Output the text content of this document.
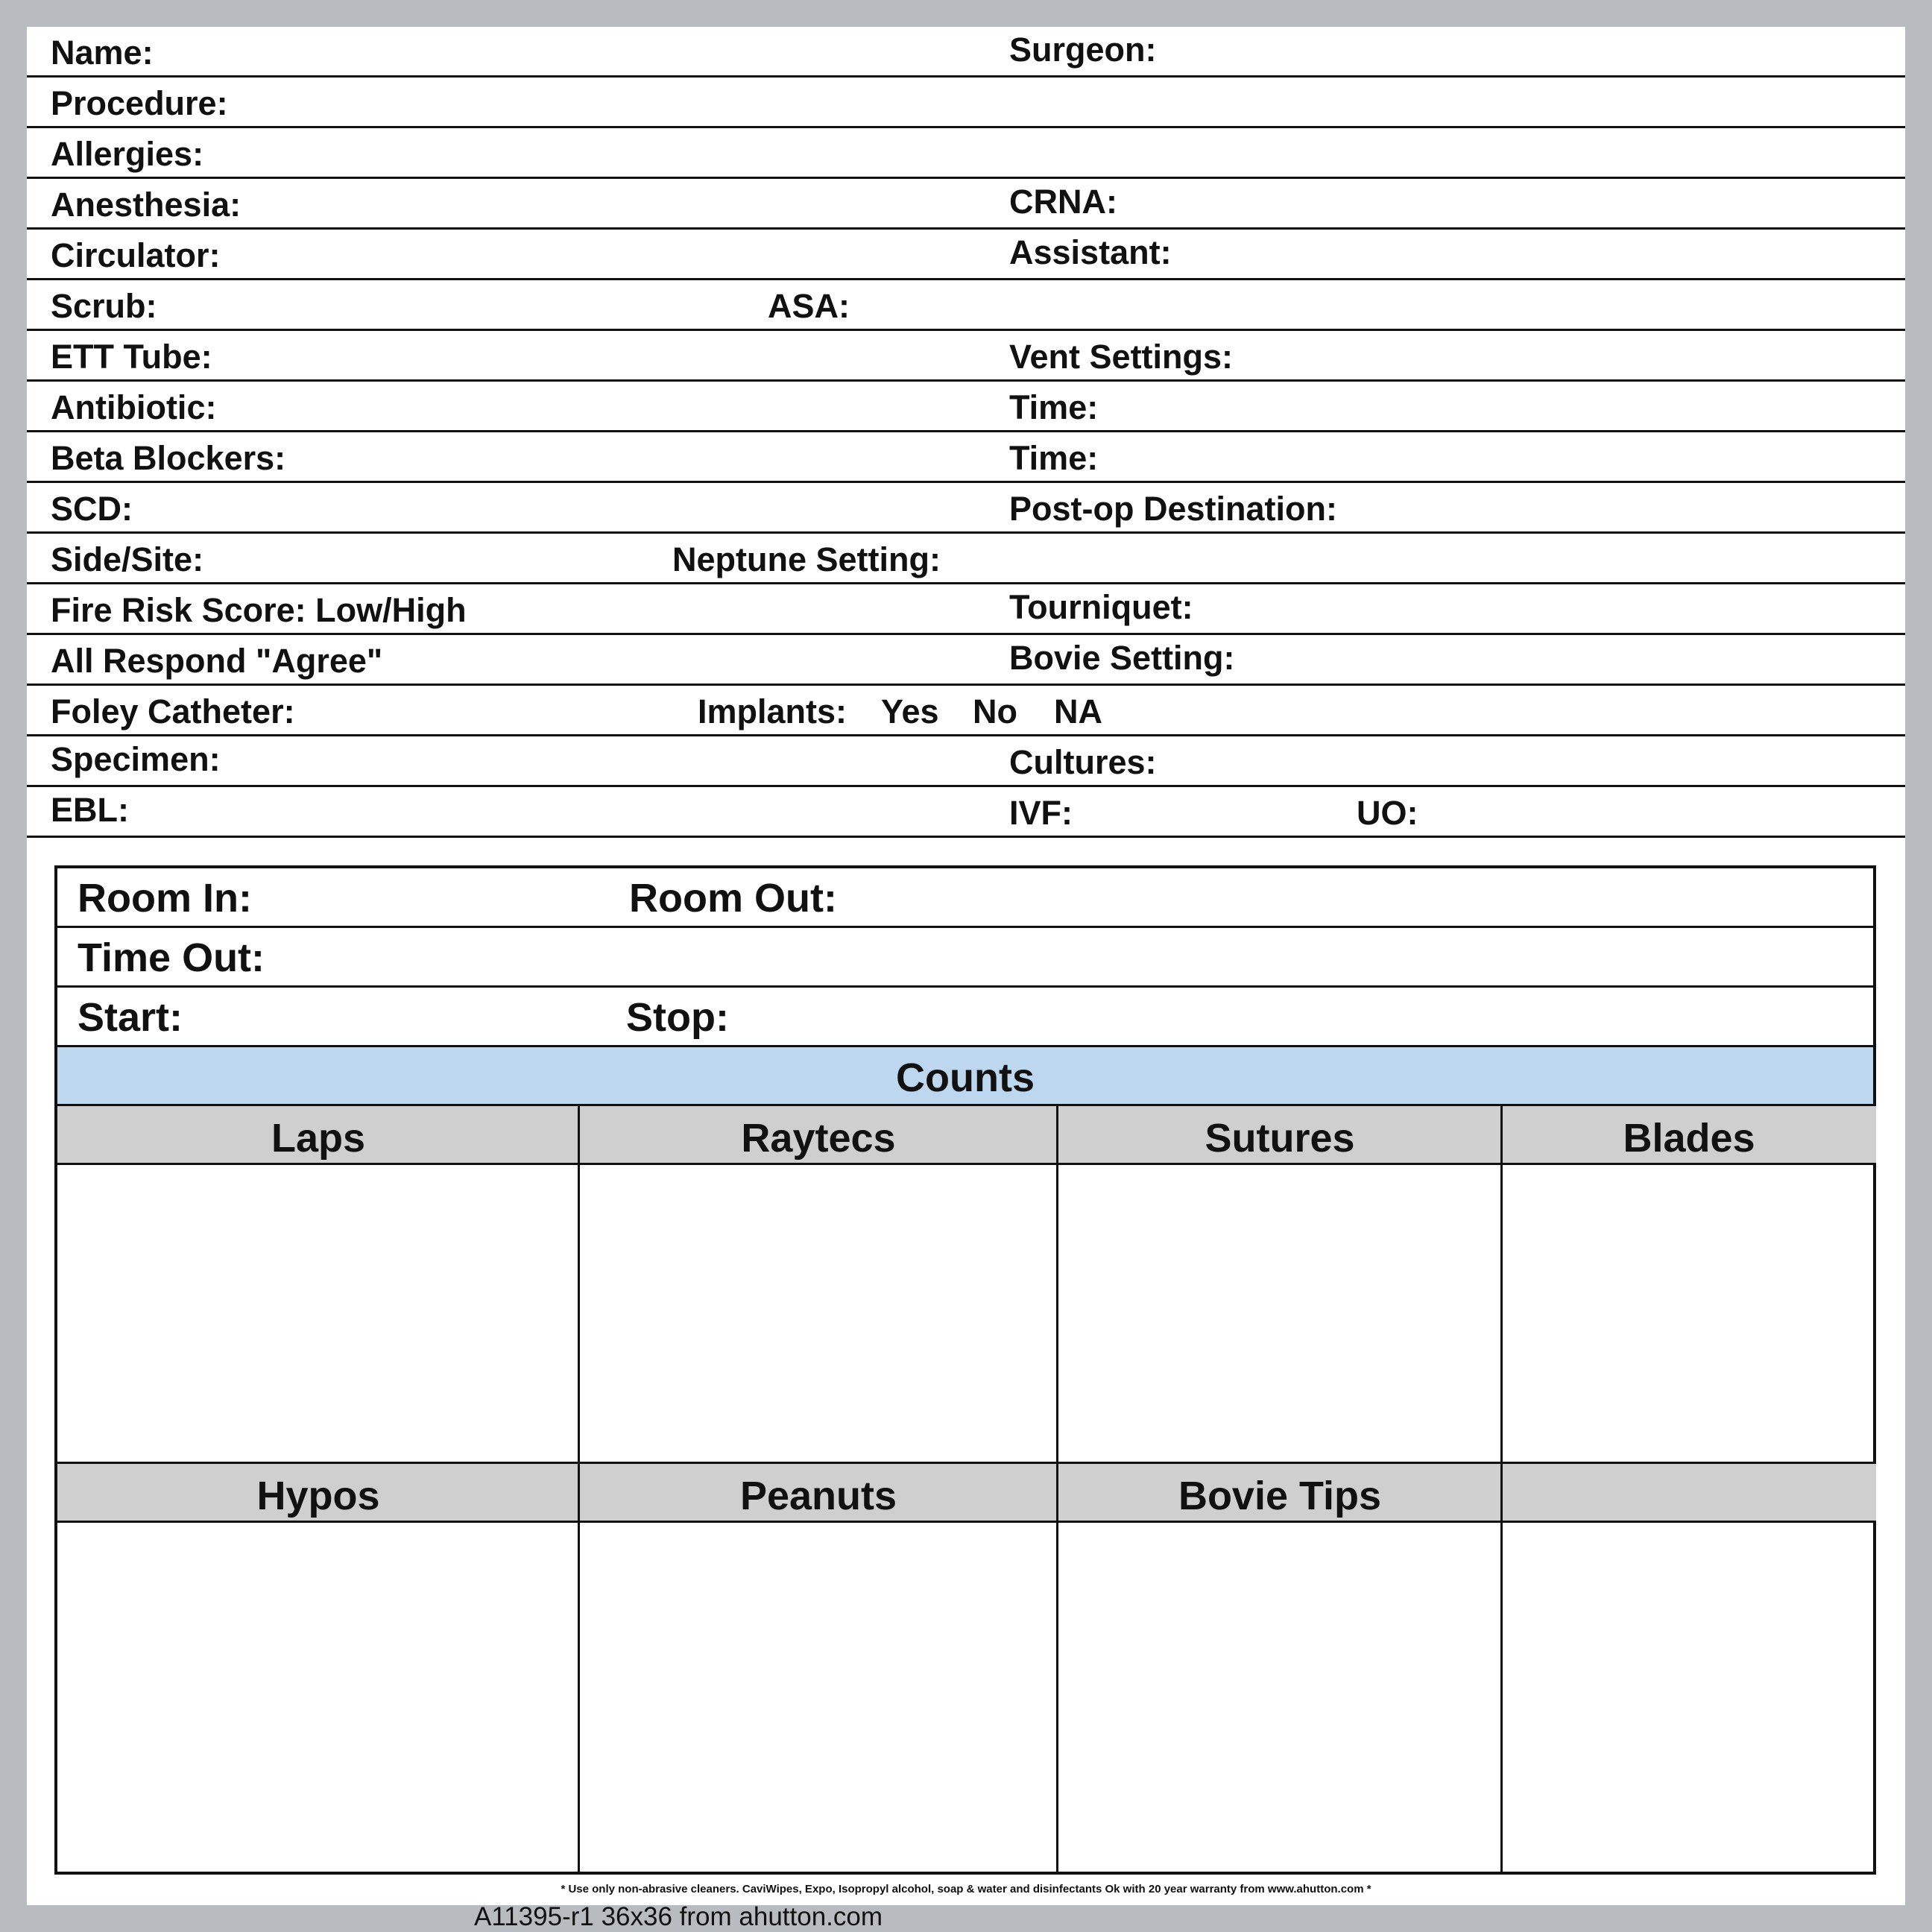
Name:	Surgeon:
Procedure:
Allergies:
Anesthesia:	CRNA:
Circulator:	Assistant:
Scrub:	ASA:
ETT Tube:	Vent Settings:
Antibiotic:	Time:
Beta Blockers:	Time:
SCD:	Post-op Destination:
Side/Site:	Neptune Setting:
Fire Risk Score: Low/High	Tourniquet:
All Respond "Agree"	Bovie Setting:
Foley Catheter:	Implants: Yes No NA
Specimen:	Cultures:
EBL:	IVF:	UO:
Room In:	Room Out:
Time Out:
Start:	Stop:
Counts
Laps	Raytecs	Sutures	Blades
Hypos	Peanuts	Bovie Tips
* Use only non-abrasive cleaners. CaviWipes, Expo, Isopropyl alcohol, soap & water and disinfectants Ok with 20 year warranty from www.ahutton.com *
A11395-r1 36x36 from ahutton.com
